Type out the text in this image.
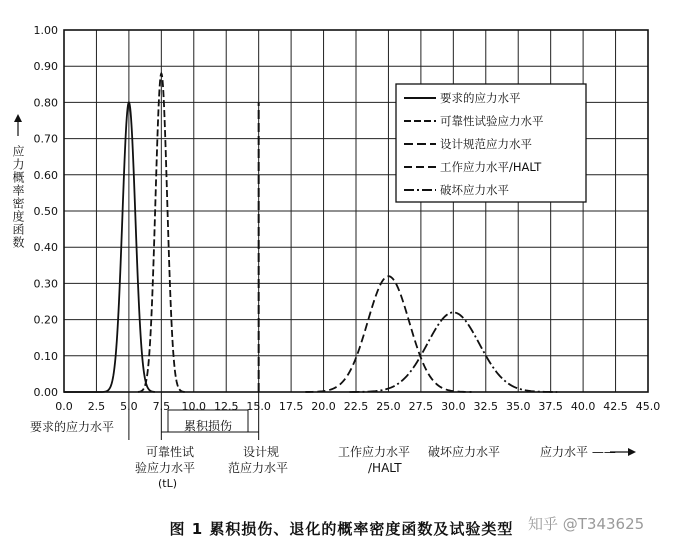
0.0 2.5 5.0 7.5 10.0 12.5 15.0 17.5 20.0 22.5 25.0 27.5 30.0 32.5 35.0 37.5 40.0 42.5 45.0
0.00
0.10
0.20
0.30
0.40
0.50
0.60
0.70
0.80
0.90
1.00
应力概率密度函数
要求的应力水平
可靠性试验应力水平
设计规范应力水平
工作应力水平/HALT
破坏应力水平
要求的应力水平
可靠性试
验应力水平
(tL)
累积损伤
设计规
范应力水平
工作应力水平
/HALT
破坏应力水平	应力水平 ——
图 1 累积损伤、退化的概率密度函数及试验类型 知乎 @T343625
